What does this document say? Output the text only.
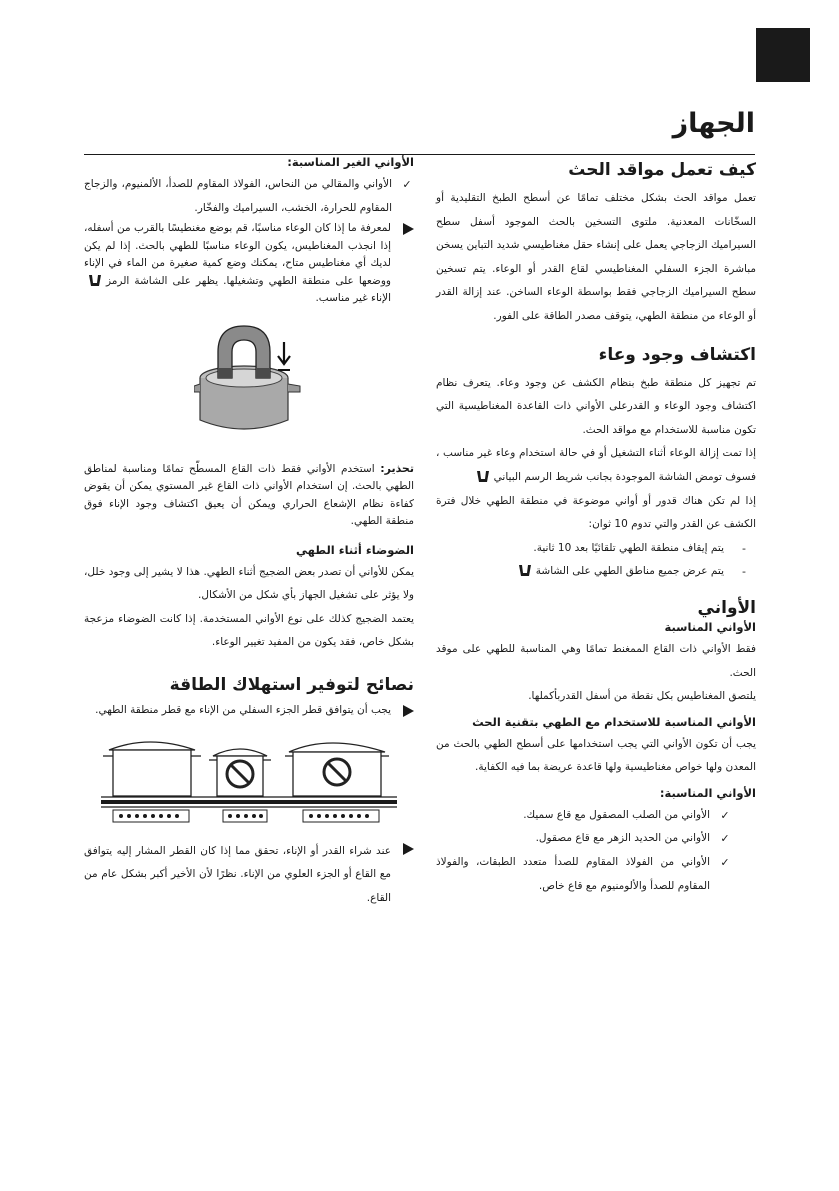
الجهاز
كيف تعمل مواقد الحث

تعمل مواقد الحث بشكل مختلف تمامًا عن أسطح الطبخ التقليدية أو السخّانات المعدنية. ملتوى التسخين بالحث الموجود أسفل سطح السيراميك الزجاجي يعمل على إنشاء حقل مغناطيسي شديد التباين يسخن مباشرة الجزء السفلي المغناطيسي لقاع القدر أو الوعاء. يتم تسخين سطح السيراميك الزجاجي فقط بواسطة الوعاء الساخن. عند إزالة القدر أو الوعاء من منطقة الطهي، يتوقف مصدر الطاقة على الفور.

اكتشاف وجود وعاء

تم تجهيز كل منطقة طبخ بنظام الكشف عن وجود وعاء. يتعرف نظام اكتشاف وجود الوعاء و القدرعلى الأواني ذات القاعدة المغناطيسية التي تكون مناسبة للاستخدام مع مواقد الحث.

إذا تمت إزالة الوعاء أثناء التشغيل أو في حالة استخدام وعاء غير مناسب ، فسوف تومض الشاشة الموجودة بجانب شريط الرسم البياني

إذا لم تكن هناك قدور أو أواني موضوعة في منطقة الطهي خلال فترة الكشف عن القدر والتي تدوم 10 ثوان:

-

يتم إيقاف منطقة الطهي تلقائيًا بعد 10 ثانية.

-

يتم عرض جميع مناطق الطهي على الشاشة

الأواني
الأواني المناسبة

فقط الأواني ذات القاع الممغنط تمامًا وهي المناسبة للطهي على موقد الحث.

يلتصق المغناطيس بكل نقطة من أسفل القدربأكملها.

الأواني المناسبة للاستخدام مع الطهي بتقنية الحث

يجب أن تكون الأواني التي يجب استخدامها على أسطح الطهي بالحث من المعدن ولها خواص مغناطيسية ولها قاعدة عريضة بما فيه الكفاية.

الأواني المناسبة:
✓

الأواني من الصلب المصقول مع قاع سميك.

✓

الأواني من الحديد الزهر مع قاع مصقول.

✓

الأواني من الفولاذ المقاوم للصدأ متعدد الطبقات، والفولاذ المقاوم للصدأ والألومنيوم مع قاع خاص.

الأواني الغير المناسبة:
✓

الأواني والمقالي من النحاس، الفولاذ المقاوم للصدأ، الألمنيوم، والزجاج المقاوم للحرارة، الخشب، السيراميك والفخّار.

لمعرفة ما إذا كان الوعاء مناسبًا، قم بوضع مغنطيسًا بالقرب من أسفله، إذا انجذب المغناطيس، يكون الوعاء مناسبًا للطهي بالحث. إذا لم يكن لديك أي مغناطيس متاح، يمكنك وضع كمية صغيرة من الماء في الإناء ووضعها على منطقة الطهي وتشغيلها. يظهر على الشاشة الرمز
الإناء غير مناسب.

تحذير: استخدم الأواني فقط ذات القاع المسطّح تمامًا ومناسبة لمناطق الطهي بالحث. إن استخدام الأواني ذات القاع غير المستوي يمكن أن يقوض كفاءة نظام الإشعاع الحراري ويمكن أن يعيق اكتشاف وجود الإناء فوق منطقة الطهي.

الضوضاء أثناء الطهي

يمكن للأواني أن تصدر بعض الضجيج أثناء الطهي. هذا لا يشير إلى وجود خلل، ولا يؤثر على تشغيل الجهاز بأي شكل من الأشكال.

يعتمد الضجيج كذلك على نوع الأواني المستخدمة. إذا كانت الضوضاء مزعجة بشكل خاص، فقد يكون من المفيد تغيير الوعاء.

نصائح لتوفير استهلاك الطاقة

يجب أن يتوافق قطر الجزء السفلي من الإناء مع قطر منطقة الطهي.

عند شراء القدر أو الإناء، تحقق مما إذا كان القطر المشار إليه يتوافق مع القاع أو الجزء العلوي من الإناء. نظرًا لأن الأخير أكبر بشكل عام من القاع.
